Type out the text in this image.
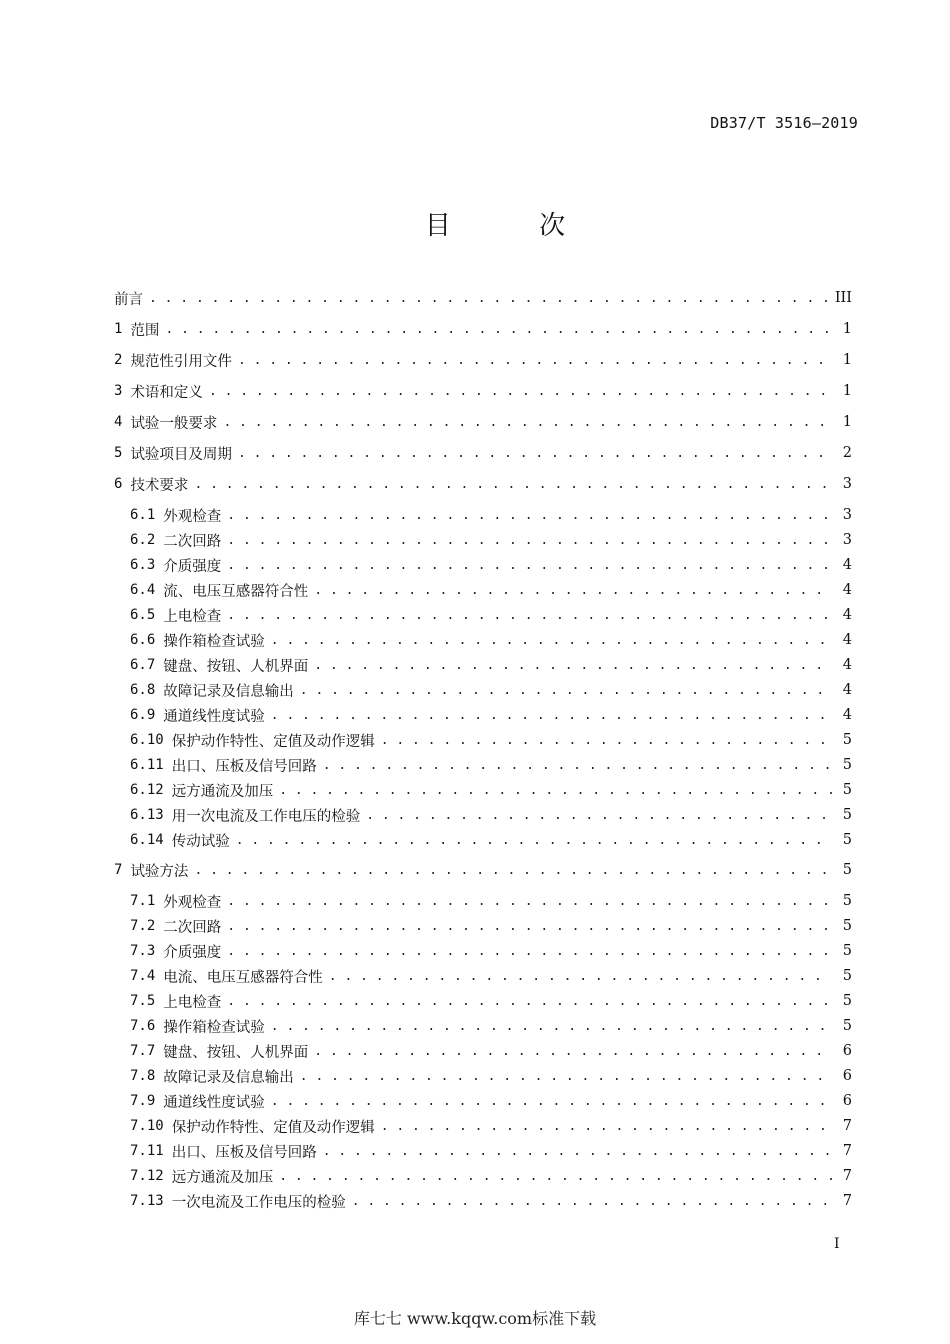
DB37/T 3516—2019
目 次
前言 . . .	III
1 范围 . . .	1
2 规范性引用文件 . . .	1
3 术语和定义 . . .	1
4 试验一般要求 . . .	1
5 试验项目及周期 . . .	2
6 技术要求 . . .	3
6.1 外观检查 . . .	3
6.2 二次回路 . . .	3
6.3 介质强度 . . .	4
6.4 流、电压互感器符合性 . . .	4
6.5 上电检查 . . .	4
6.6 操作箱检查试验 . . .	4
6.7 键盘、按钮、人机界面 . . .	4
6.8 故障记录及信息输出 . . .	4
6.9 通道线性度试验 . . .	4
6.10 保护动作特性、定值及动作逻辑 . . .	5
6.11 出口、压板及信号回路 . . .	5
6.12 远方通流及加压 . . .	5
6.13 用一次电流及工作电压的检验 . . .	5
6.14 传动试验 . . .	5
7 试验方法 . . .	5
7.1 外观检查 . . .	5
7.2 二次回路 . . .	5
7.3 介质强度 . . .	5
7.4 电流、电压互感器符合性 . . .	5
7.5 上电检查 . . .	5
7.6 操作箱检查试验 . . .	5
7.7 键盘、按钮、人机界面 . . .	6
7.8 故障记录及信息输出 . . .	6
7.9 通道线性度试验 . . .	6
7.10 保护动作特性、定值及动作逻辑 . . .	7
7.11 出口、压板及信号回路 . . .	7
7.12 远方通流及加压 . . .	7
7.13 一次电流及工作电压的检验 . . .	7
I
库七七 www.kqqw.com标准下载
